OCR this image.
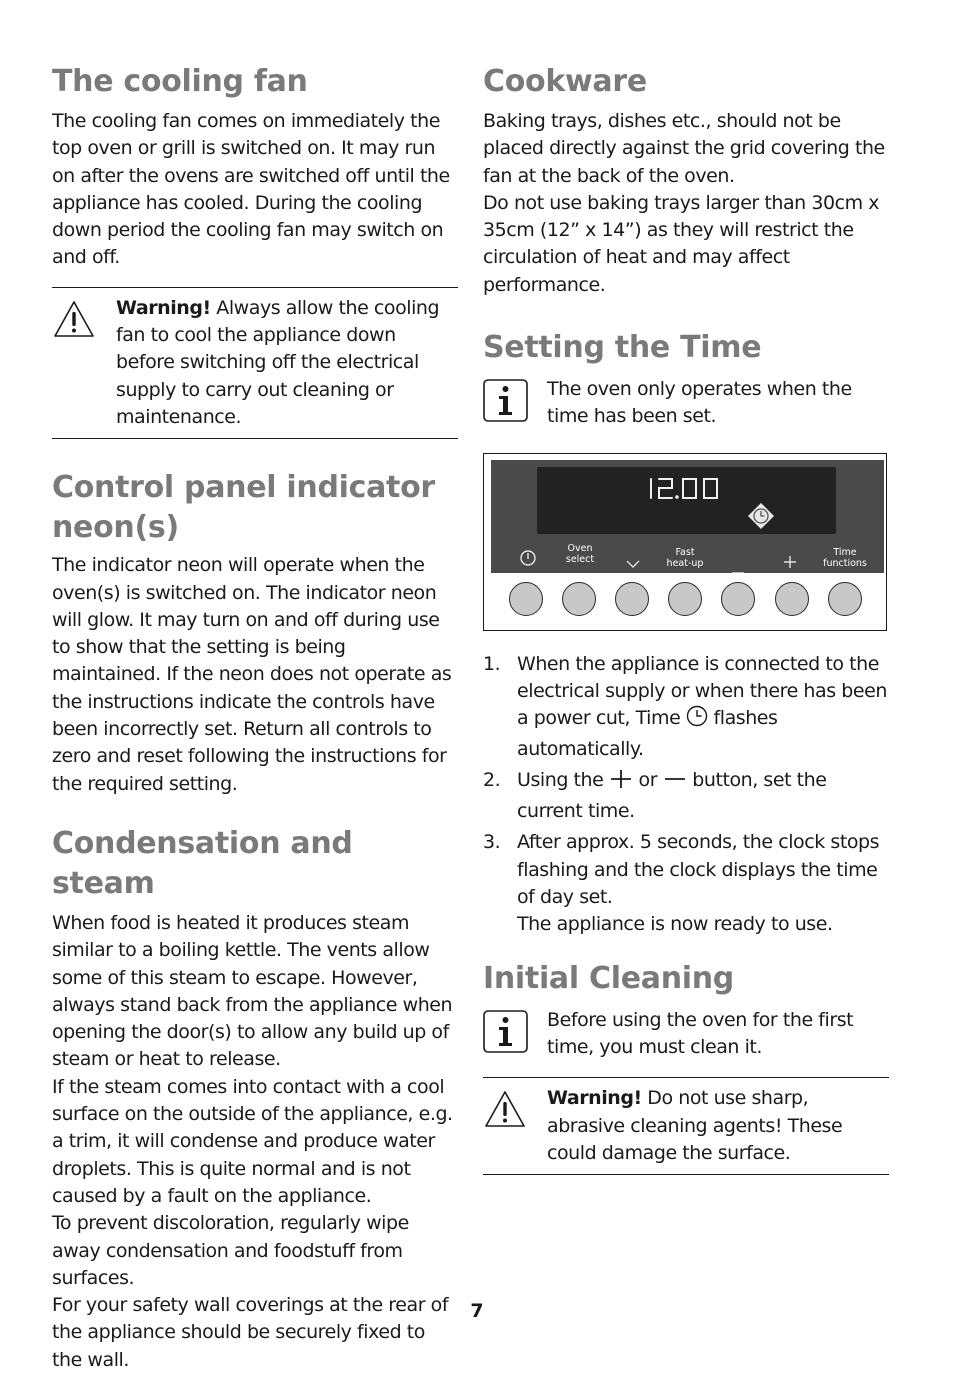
The cooling fan

The cooling fan comes on immediately the top oven or grill is switched on. It may run on after the ovens are switched off until the appliance has cooled. During the cooling down period the cooling fan may switch on and off.

Warning! Always allow the cooling fan to cool the appliance down before switching off the electrical supply to carry out cleaning or maintenance.
Control panel indicator neon(s)

The indicator neon will operate when the oven(s) is switched on. The indicator neon will glow. It may turn on and off during use to show that the setting is being maintained. If the neon does not operate as the instructions indicate the controls have been incorrectly set. Return all controls to zero and reset following the instructions for the required setting.

Condensation and steam

When food is heated it produces steam similar to a boiling kettle. The vents allow some of this steam to escape. However, always stand back from the appliance when opening the door(s) to allow any build up of steam or heat to release.

If the steam comes into contact with a cool surface on the outside of the appliance, e.g. a trim, it will condense and produce water droplets. This is quite normal and is not caused by a fault on the appliance.

To prevent discoloration, regularly wipe away condensation and foodstuff from surfaces.

For your safety wall coverings at the rear of the appliance should be securely fixed to the wall.

Cookware

Baking trays, dishes etc., should not be placed directly against the grid covering the fan at the back of the oven.

Do not use baking trays larger than 30cm x 35cm (12” x 14”) as they will restrict the circulation of heat and may affect performance.

Setting the Time
The oven only operates when the time has been set.
Oven
select
Fast
heat-up
Time
functions
1. When the appliance is connected to the electrical supply or when there has been a power cut, Time  flashes automatically.
2. Using the  or  button, set the current time.
3. After approx. 5 seconds, the clock stops flashing and the clock displays the time of day set.
The appliance is now ready to use.
Initial Cleaning
Before using the oven for the first time, you must clean it.
Warning! Do not use sharp, abrasive cleaning agents! These could damage the surface.
7
